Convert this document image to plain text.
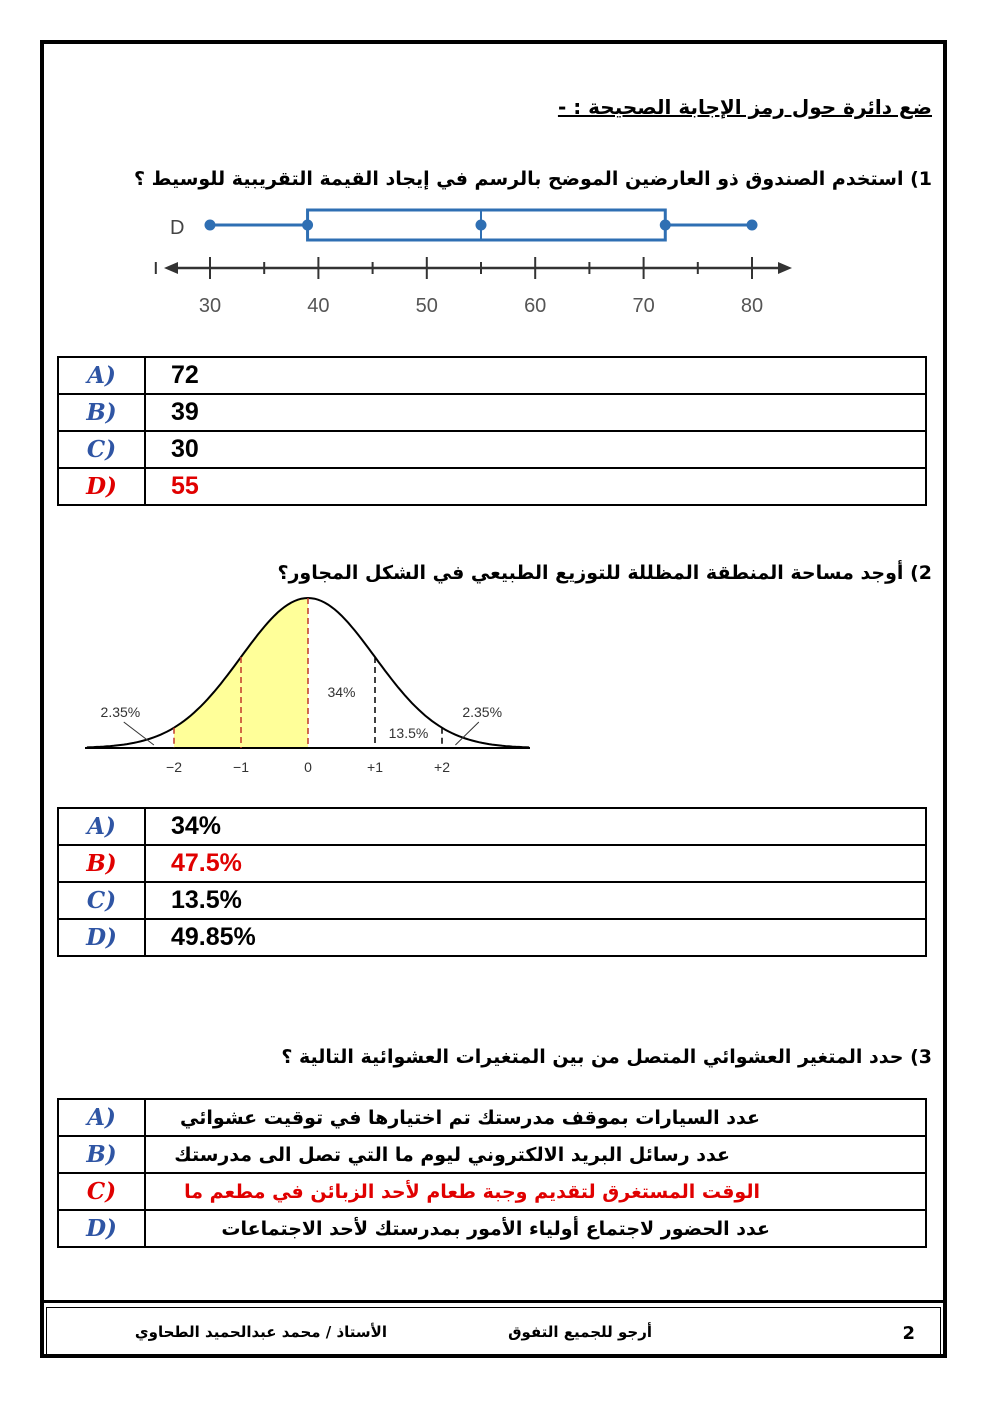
ضع دائرة حول رمز الإجابة الصحيحة : -
1) استخدم الصندوق ذو العارضين الموضح بالرسم في إيجاد القيمة التقريبية للوسيط ؟
D
30	40	50	60	70	80
A)	72
B)	39
C)	30
D)	55
2) أوجد مساحة المنطقة المظللة للتوزيع الطبيعي في الشكل المجاور؟
−2	−1	0	+1	+2
2.35%
34%
13.5%
2.35%
A)	34%
B)	47.5%
C)	13.5%
D)	49.85%
3) حدد المتغير العشوائي المتصل من بين المتغيرات العشوائية التالية ؟
A)	عدد السيارات بموقف مدرستك تم اختيارها في توقيت عشوائي
B)	عدد رسائل البريد الالكتروني ليوم ما التي تصل الى مدرستك
C)	الوقت المستغرق لتقديم وجبة طعام لأحد الزبائن في مطعم ما
D)	عدد الحضور لاجتماع أولياء الأمور بمدرستك لأحد الاجتماعات
2
أرجو للجميع التفوق
الأستاذ / محمد عبدالحميد الطحاوي
